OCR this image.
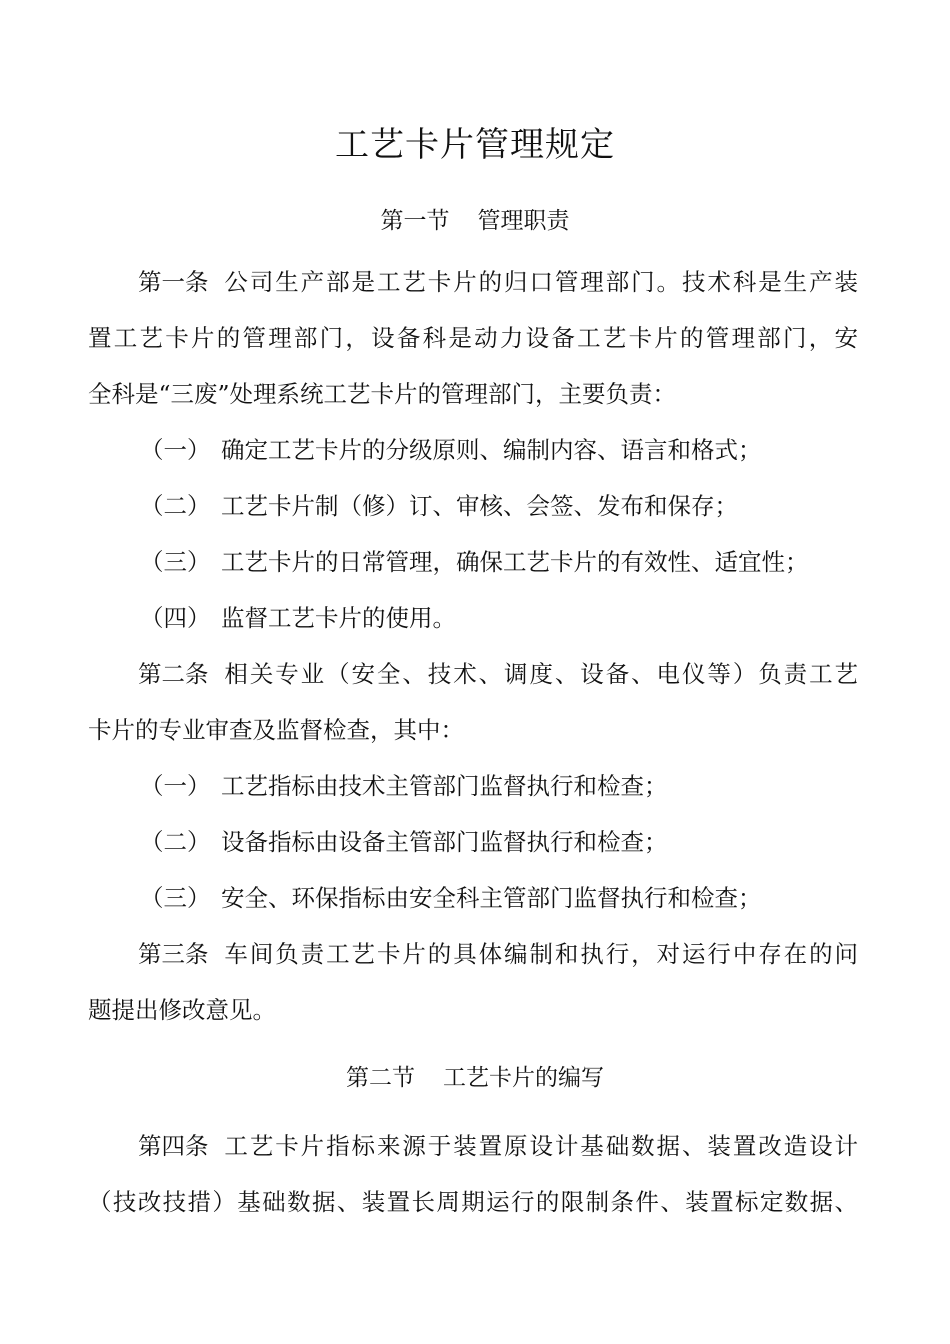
工艺卡片管理规定
第一节 管理职责
第一条 公司生产部是工艺卡片的归口管理部门。技术科是生产装
置工艺卡片的管理部门，设备科是动力设备工艺卡片的管理部门，安
全科是“三废”处理系统工艺卡片的管理部门，主要负责：
（一） 确定工艺卡片的分级原则、编制内容、语言和格式；
（二） 工艺卡片制（修）订、审核、会签、发布和保存；
（三） 工艺卡片的日常管理，确保工艺卡片的有效性、适宜性；
（四） 监督工艺卡片的使用。
第二条 相关专业（安全、技术、调度、设备、电仪等）负责工艺
卡片的专业审查及监督检查，其中：
（一） 工艺指标由技术主管部门监督执行和检查；
（二） 设备指标由设备主管部门监督执行和检查；
（三） 安全、环保指标由安全科主管部门监督执行和检查；
第三条 车间负责工艺卡片的具体编制和执行，对运行中存在的问
题提出修改意见。
第二节 工艺卡片的编写
第四条 工艺卡片指标来源于装置原设计基础数据、装置改造设计
（技改技措）基础数据、装置长周期运行的限制条件、装置标定数据、
